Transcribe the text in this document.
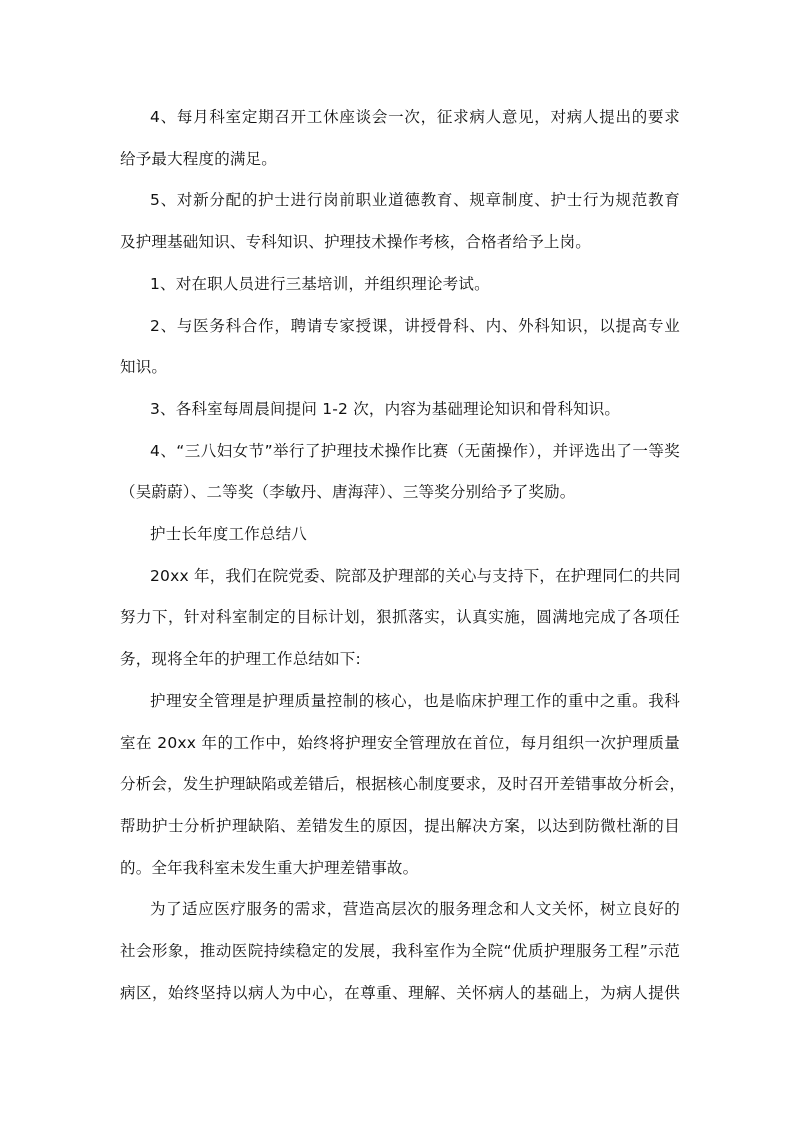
4、每月科室定期召开工休座谈会一次，征求病人意见，对病人提出的要求
给予最大程度的满足。
5、对新分配的护士进行岗前职业道德教育、规章制度、护士行为规范教育
及护理基础知识、专科知识、护理技术操作考核，合格者给予上岗。
1、对在职人员进行三基培训，并组织理论考试。
2、与医务科合作，聘请专家授课，讲授骨科、内、外科知识，以提高专业
知识。
3、各科室每周晨间提问 1-2 次，内容为基础理论知识和骨科知识。
4、“三八妇女节”举行了护理技术操作比赛（无菌操作），并评选出了一等奖
（吴蔚蔚）、二等奖（李敏丹、唐海萍）、三等奖分别给予了奖励。
护士长年度工作总结八
20xx 年，我们在院党委、院部及护理部的关心与支持下，在护理同仁的共同
努力下，针对科室制定的目标计划，狠抓落实，认真实施，圆满地完成了各项任
务，现将全年的护理工作总结如下:
护理安全管理是护理质量控制的核心，也是临床护理工作的重中之重。我科
室在 20xx 年的工作中，始终将护理安全管理放在首位，每月组织一次护理质量
分析会，发生护理缺陷或差错后，根据核心制度要求，及时召开差错事故分析会，
帮助护士分析护理缺陷、差错发生的原因，提出解决方案，以达到防微杜渐的目
的。全年我科室未发生重大护理差错事故。
为了适应医疗服务的需求，营造高层次的服务理念和人文关怀，树立良好的
社会形象，推动医院持续稳定的发展，我科室作为全院“优质护理服务工程”示范
病区，始终坚持以病人为中心，在尊重、理解、关怀病人的基础上，为病人提供
